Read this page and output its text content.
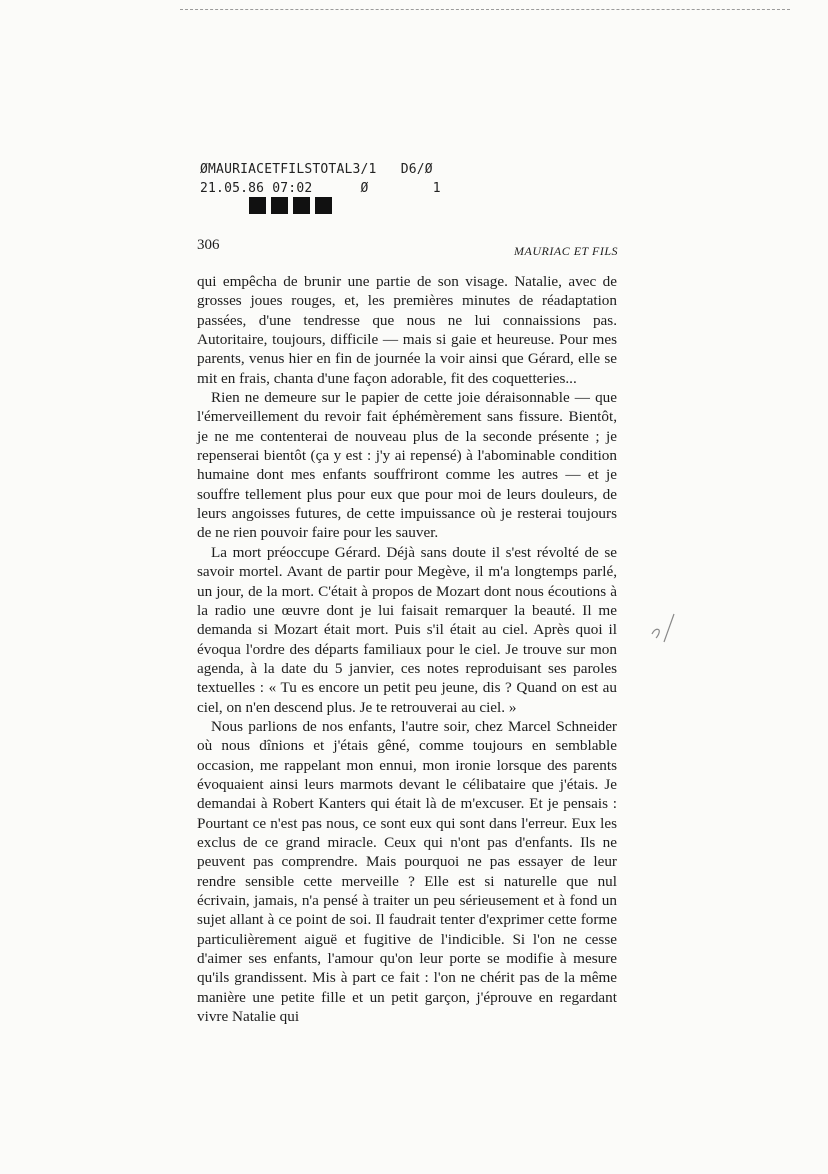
ØMAURIACETFILSTOTAL3/1 D6/Ø
21.05.86 07:02	Ø	1
306	MAURIAC ET FILS

qui empêcha de brunir une partie de son visage. Natalie, avec de grosses joues rouges, et, les premières minutes de réadaptation passées, d'une tendresse que nous ne lui connaissions pas. Autoritaire, toujours, difficile — mais si gaie et heureuse. Pour mes parents, venus hier en fin de journée la voir ainsi que Gérard, elle se mit en frais, chanta d'une façon adorable, fit des coquetteries...

Rien ne demeure sur le papier de cette joie déraisonnable — que l'émerveillement du revoir fait éphémèrement sans fissure. Bientôt, je ne me contenterai de nouveau plus de la seconde présente ; je repenserai bientôt (ça y est : j'y ai repensé) à l'abominable condition humaine dont mes enfants souffriront comme les autres — et je souffre tellement plus pour eux que pour moi de leurs douleurs, de leurs angoisses futures, de cette impuissance où je resterai toujours de ne rien pouvoir faire pour les sauver.

La mort préoccupe Gérard. Déjà sans doute il s'est révolté de se savoir mortel. Avant de partir pour Megève, il m'a longtemps parlé, un jour, de la mort. C'était à propos de Mozart dont nous écoutions à la radio une œuvre dont je lui faisait remarquer la beauté. Il me demanda si Mozart était mort. Puis s'il était au ciel. Après quoi il évoqua l'ordre des départs familiaux pour le ciel. Je trouve sur mon agenda, à la date du 5 janvier, ces notes reproduisant ses paroles textuelles : « Tu es encore un petit peu jeune, dis ? Quand on est au ciel, on n'en descend plus. Je te retrouverai au ciel. »

Nous parlions de nos enfants, l'autre soir, chez Marcel Schneider où nous dînions et j'étais gêné, comme toujours en semblable occasion, me rappelant mon ennui, mon ironie lorsque des parents évoquaient ainsi leurs marmots devant le célibataire que j'étais. Je demandai à Robert Kanters qui était là de m'excuser. Et je pensais : Pourtant ce n'est pas nous, ce sont eux qui sont dans l'erreur. Eux les exclus de ce grand miracle. Ceux qui n'ont pas d'enfants. Ils ne peuvent pas comprendre. Mais pourquoi ne pas essayer de leur rendre sensible cette merveille ? Elle est si naturelle que nul écrivain, jamais, n'a pensé à traiter un peu sérieusement et à fond un sujet allant à ce point de soi. Il faudrait tenter d'exprimer cette forme particulièrement aiguë et fugitive de l'indicible. Si l'on ne cesse d'aimer ses enfants, l'amour qu'on leur porte se modifie à mesure qu'ils grandissent. Mis à part ce fait : l'on ne chérit pas de la même manière une petite fille et un petit garçon, j'éprouve en regardant vivre Natalie qui
